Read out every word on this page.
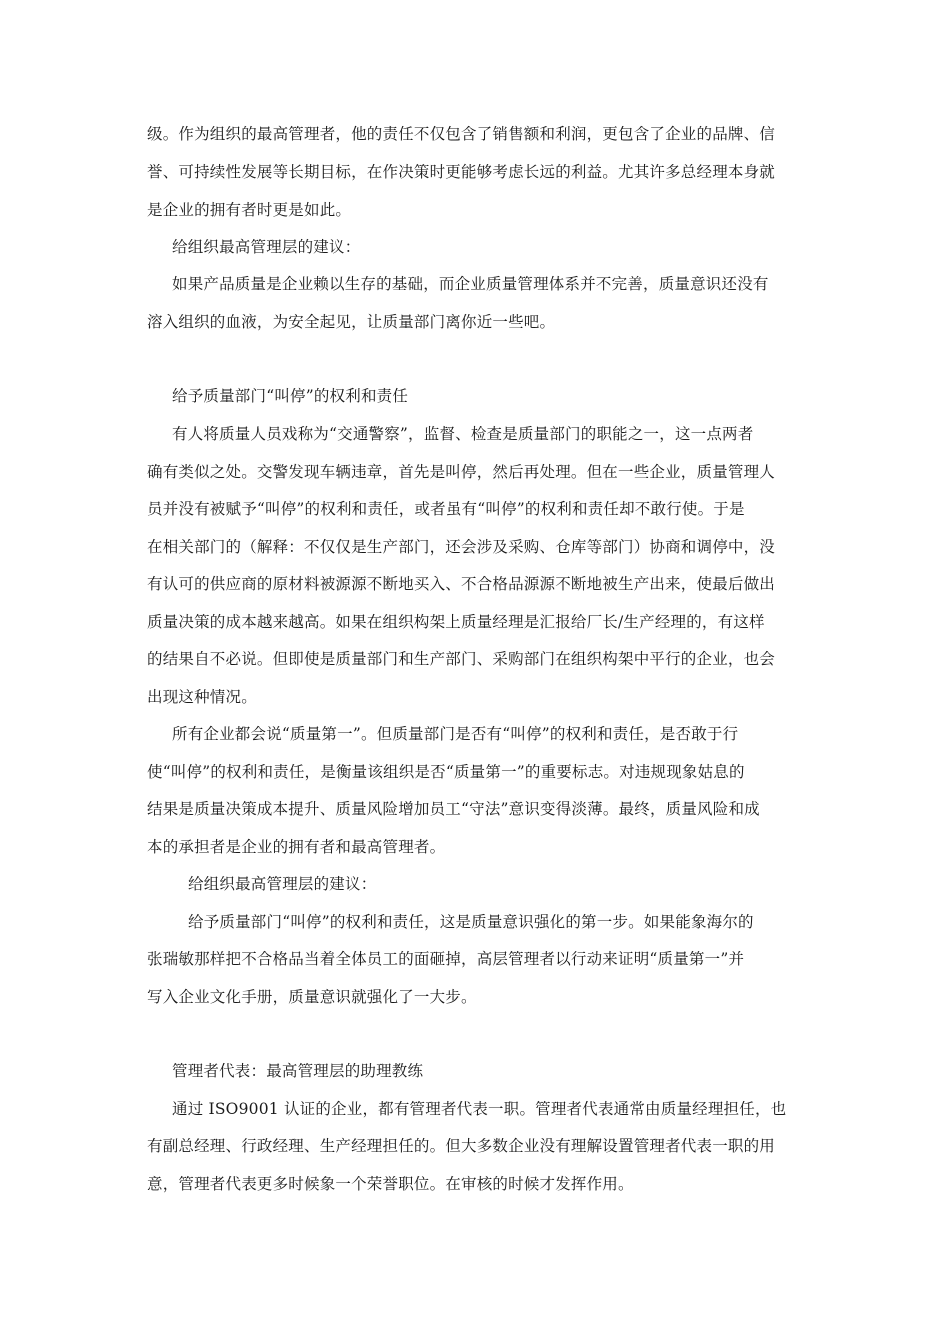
级。作为组织的最高管理者，他的责任不仅包含了销售额和利润，更包含了企业的品牌、信
誉、可持续性发展等长期目标，在作决策时更能够考虑长远的利益。尤其许多总经理本身就
是企业的拥有者时更是如此。
给组织最高管理层的建议：
如果产品质量是企业赖以生存的基础，而企业质量管理体系并不完善，质量意识还没有
溶入组织的血液，为安全起见，让质量部门离你近一些吧。
给予质量部门“叫停”的权利和责任
有人将质量人员戏称为“交通警察”，监督、检查是质量部门的职能之一，这一点两者
确有类似之处。交警发现车辆违章，首先是叫停，然后再处理。但在一些企业，质量管理人
员并没有被赋予“叫停”的权利和责任，或者虽有“叫停”的权利和责任却不敢行使。于是
在相关部门的（解释：不仅仅是生产部门，还会涉及采购、仓库等部门）协商和调停中，没
有认可的供应商的原材料被源源不断地买入、不合格品源源不断地被生产出来，使最后做出
质量决策的成本越来越高。如果在组织构架上质量经理是汇报给厂长/生产经理的，有这样
的结果自不必说。但即使是质量部门和生产部门、采购部门在组织构架中平行的企业，也会
出现这种情况。
所有企业都会说“质量第一”。但质量部门是否有“叫停”的权利和责任，是否敢于行
使“叫停”的权利和责任，是衡量该组织是否“质量第一”的重要标志。对违规现象姑息的
结果是质量决策成本提升、质量风险增加员工“守法”意识变得淡薄。最终，质量风险和成
本的承担者是企业的拥有者和最高管理者。
给组织最高管理层的建议：
给予质量部门“叫停”的权利和责任，这是质量意识强化的第一步。如果能象海尔的
张瑞敏那样把不合格品当着全体员工的面砸掉，高层管理者以行动来证明“质量第一”并
写入企业文化手册，质量意识就强化了一大步。
管理者代表：最高管理层的助理教练
通过 ISO9001 认证的企业，都有管理者代表一职。管理者代表通常由质量经理担任，也
有副总经理、行政经理、生产经理担任的。但大多数企业没有理解设置管理者代表一职的用
意，管理者代表更多时候象一个荣誉职位。在审核的时候才发挥作用。
